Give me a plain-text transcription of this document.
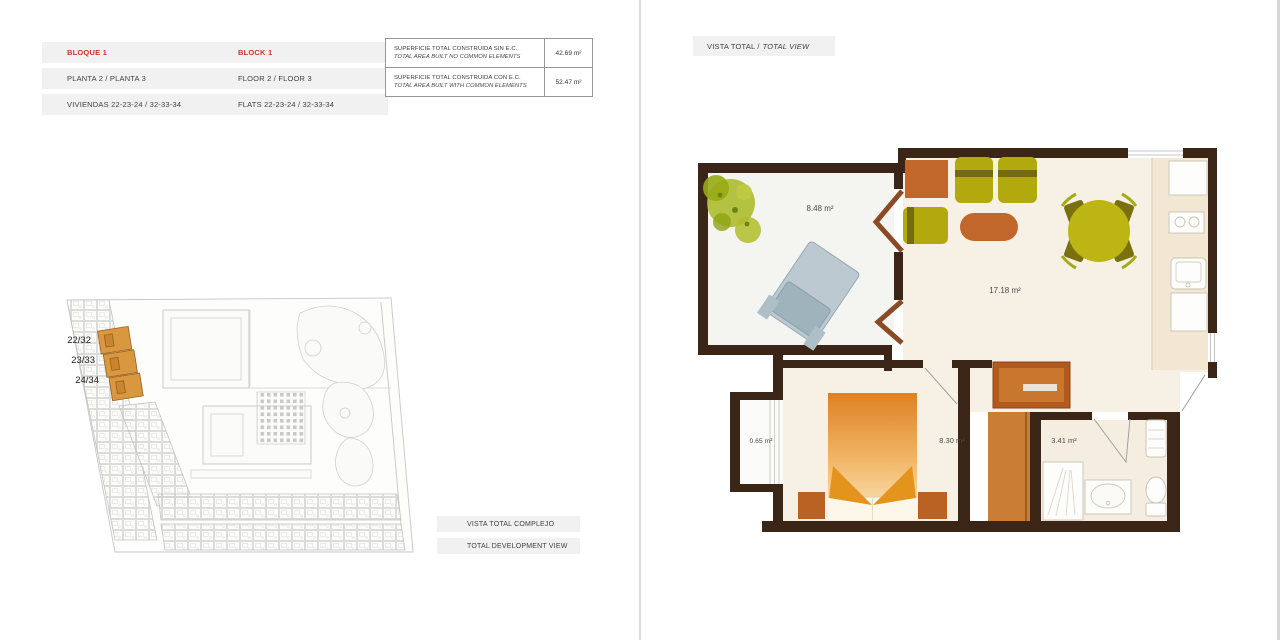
BLOQUE 1
PLANTA 2 / PLANTA 3
VIVIENDAS 22-23-24 / 32-33-34
BLOCK 1
FLOOR 2 / FLOOR 3
FLATS 22-23-24 / 32-33-34
SUPERFICIE TOTAL CONSTRUIDA SIN E.C.
TOTAL AREA BUILT NO COMMON ELEMENTS
42.69 m²
SUPERFICIE TOTAL CONSTRUIDA CON E.C.
TOTAL AREA BUILT WITH COMMON ELEMENTS
52.47 m²
22/32
23/33
24/34
VISTA TOTAL COMPLEJO
TOTAL DEVELOPMENT VIEW
VISTA TOTAL / TOTAL VIEW
8.48 m²
17.18 m²
0.65 m²	8.30 m²	3.41 m²
